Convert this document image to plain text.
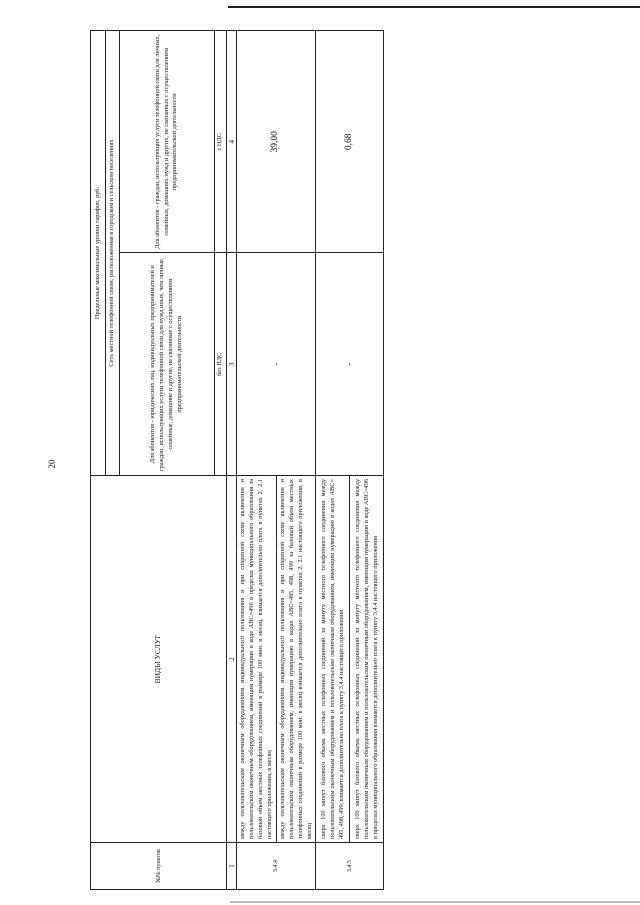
20
№№ пунктов	ВИДЫ УСЛУГ	Предельные максимальные уровни тарифов, руб.	
		Сеть местной телефонной связи, расположенная в городском и сельском поселениях	
		Для абонентов - юридических лиц, индивидуальных предпринимателей и граждан, использующих услуги телефонной связи для нужд иных, чем личные, семейные, домашние и другие, не связанные с осуществлением предпринимательской деятельности	Для абонентов - граждан, использующих услуги телефонной связи для личных, семейных, домашних нужд и других, не связанных с осуществлением предпринимательской деятельности
		без НДС	с НДС
1	2	3	4
3.4.4	между пользовательским оконечным оборудованием индивидуального пользования и при спаренной схеме включения и пользовательским оконечным оборудованием, имеющим нумерацию в коде АВС=496 в пределах муниципального образования за базовый объем местных телефонных соединений в размере 100 мин. в месяц, взимается дополнительно плата в пунктах 2, 2.1 настоящего приложения, в месяц	-	39,00
	между пользовательским оконечным оборудованием индивидуального пользования и при спаренной схеме включения и пользовательским оконечным оборудованием, имеющим нумерацию в кодах АВС=495, 498, 499 за базовый объем местных телефонных соединений в размере 100 мин. в месяц взимается дополнительно плата в пунктах 2, 2.1 настоящего приложения, в месяц		
3.4.5	сверх 100 минут базового объема местных телефонных соединений за минуту местного телефонного соединения между пользовательским оконечным оборудованием и пользовательским оконечным оборудованием, имеющим нумерацию в кодах АВС= 495, 498, 499, взимается дополнительно плата к пункту 3.4.4 настоящего приложения	-	0,68
	сверх 100 минут базового объема местных телефонных соединений за минуту местного телефонного соединения между пользовательским оконечным оборудованием и пользовательским оконечным оборудованием, имеющим нумерацию в коде АВС=496 в пределах муниципального образования взимается дополнительно плата к пункту 3.4.4 настоящего приложения		
